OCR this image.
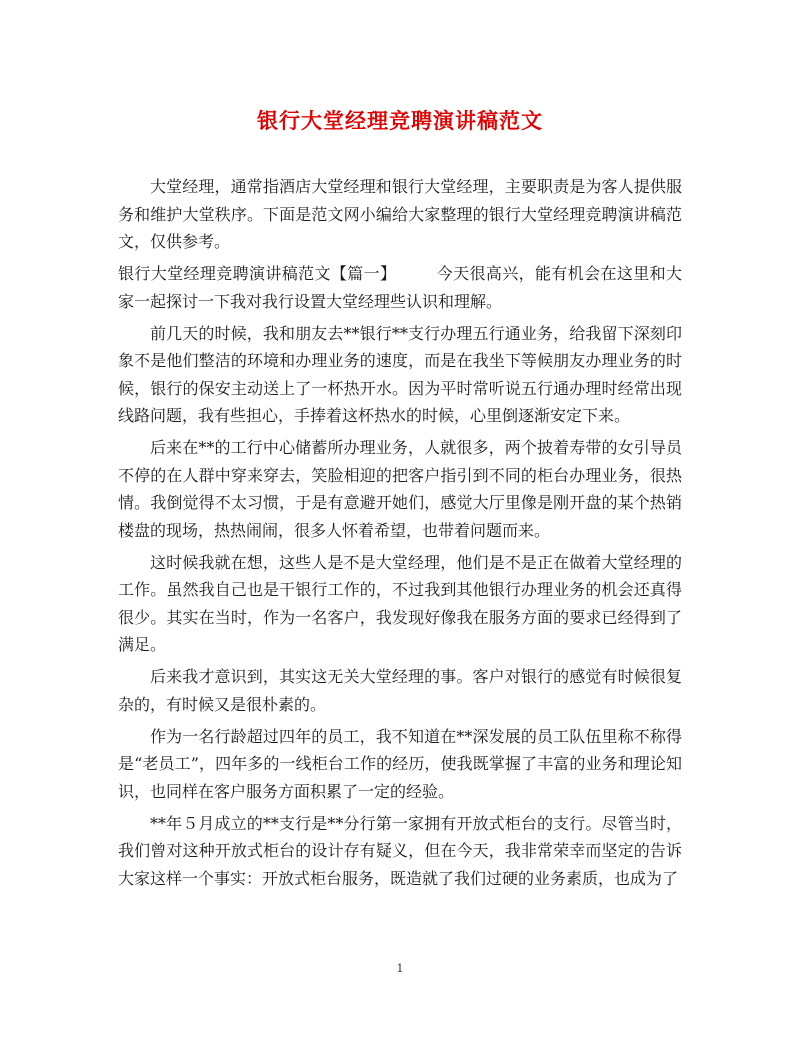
银行大堂经理竞聘演讲稿范文

大堂经理，通常指酒店大堂经理和银行大堂经理，主要职责是为客人提供服务和维护大堂秩序。下面是范文网小编给大家整理的银行大堂经理竞聘演讲稿范文，仅供参考。

银行大堂经理竞聘演讲稿范文【篇一】	今天很高兴，能有机会在这里和大家一起探讨一下我对我行设置大堂经理些认识和理解。

前几天的时候，我和朋友去**银行**支行办理五行通业务，给我留下深刻印象不是他们整洁的环境和办理业务的速度，而是在我坐下等候朋友办理业务的时候，银行的保安主动送上了一杯热开水。因为平时常听说五行通办理时经常出现线路问题，我有些担心，手捧着这杯热水的时候，心里倒逐渐安定下来。

后来在**的工行中心储蓄所办理业务，人就很多，两个披着寿带的女引导员不停的在人群中穿来穿去，笑脸相迎的把客户指引到不同的柜台办理业务，很热情。我倒觉得不太习惯，于是有意避开她们，感觉大厅里像是刚开盘的某个热销楼盘的现场，热热闹闹，很多人怀着希望，也带着问题而来。

这时候我就在想，这些人是不是大堂经理，他们是不是正在做着大堂经理的工作。虽然我自己也是干银行工作的，不过我到其他银行办理业务的机会还真得很少。其实在当时，作为一名客户，我发现好像我在服务方面的要求已经得到了满足。

后来我才意识到，其实这无关大堂经理的事。客户对银行的感觉有时候很复杂的，有时候又是很朴素的。

作为一名行龄超过四年的员工，我不知道在**深发展的员工队伍里称不称得是“老员工”，四年多的一线柜台工作的经历，使我既掌握了丰富的业务和理论知识，也同样在客户服务方面积累了一定的经验。

**年５月成立的**支行是**分行第一家拥有开放式柜台的支行。尽管当时，我们曾对这种开放式柜台的设计存有疑义，但在今天，我非常荣幸而坚定的告诉大家这样一个事实：开放式柜台服务，既造就了我们过硬的业务素质，也成为了

1
